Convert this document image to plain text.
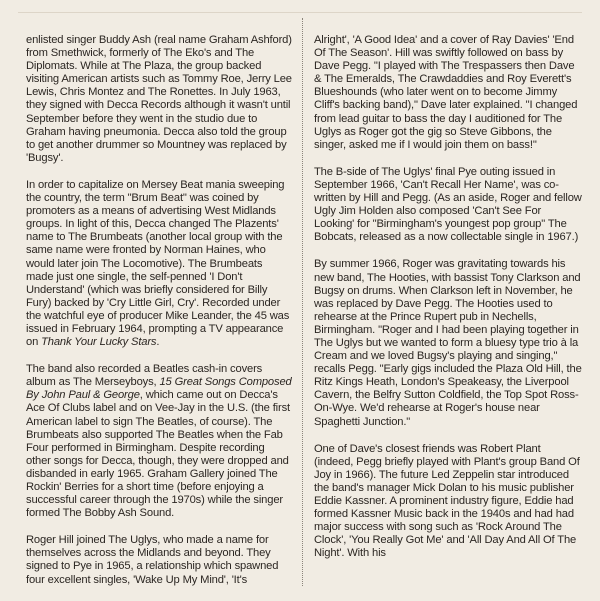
enlisted singer Buddy Ash (real name Graham Ashford) from Smethwick, formerly of The Eko's and The Diplomats. While at The Plaza, the group backed visiting American artists such as Tommy Roe, Jerry Lee Lewis, Chris Montez and The Ronettes. In July 1963, they signed with Decca Records although it wasn't until September before they went in the studio due to Graham having pneumonia. Decca also told the group to get another drummer so Mountney was replaced by 'Bugsy'.

In order to capitalize on Mersey Beat mania sweeping the country, the term "Brum Beat" was coined by promoters as a means of advertising West Midlands groups. In light of this, Decca changed The Plazents' name to The Brumbeats (another local group with the same name were fronted by Norman Haines, who would later join The Locomotive). The Brumbeats made just one single, the self-penned 'I Don't Understand' (which was briefly considered for Billy Fury) backed by 'Cry Little Girl, Cry'. Recorded under the watchful eye of producer Mike Leander, the 45 was issued in February 1964, prompting a TV appearance on Thank Your Lucky Stars.

The band also recorded a Beatles cash-in covers album as The Merseyboys, 15 Great Songs Composed By John Paul & George, which came out on Decca's Ace Of Clubs label and on Vee-Jay in the U.S. (the first American label to sign The Beatles, of course). The Brumbeats also supported The Beatles when the Fab Four performed in Birmingham. Despite recording other songs for Decca, though, they were dropped and disbanded in early 1965. Graham Gallery joined The Rockin' Berries for a short time (before enjoying a successful career through the 1970s) while the singer formed The Bobby Ash Sound.

Roger Hill joined The Uglys, who made a name for themselves across the Midlands and beyond. They signed to Pye in 1965, a relationship which spawned four excellent singles, 'Wake Up My Mind', 'It's

Alright', 'A Good Idea' and a cover of Ray Davies' 'End Of The Season'. Hill was swiftly followed on bass by Dave Pegg. "I played with The Trespassers then Dave & The Emeralds, The Crawdaddies and Roy Everett's Blueshounds (who later went on to become Jimmy Cliff's backing band)," Dave later explained. "I changed from lead guitar to bass the day I auditioned for The Uglys as Roger got the gig so Steve Gibbons, the singer, asked me if I would join them on bass!"

The B-side of The Uglys' final Pye outing issued in September 1966, 'Can't Recall Her Name', was co-written by Hill and Pegg. (As an aside, Roger and fellow Ugly Jim Holden also composed 'Can't See For Looking' for "Birmingham's youngest pop group" The Bobcats, released as a now collectable single in 1967.)

By summer 1966, Roger was gravitating towards his new band, The Hooties, with bassist Tony Clarkson and Bugsy on drums. When Clarkson left in November, he was replaced by Dave Pegg. The Hooties used to rehearse at the Prince Rupert pub in Nechells, Birmingham. "Roger and I had been playing together in The Uglys but we wanted to form a bluesy type trio à la Cream and we loved Bugsy's playing and singing," recalls Pegg. "Early gigs included the Plaza Old Hill, the Ritz Kings Heath, London's Speakeasy, the Liverpool Cavern, the Belfry Sutton Coldfield, the Top Spot Ross-On-Wye. We'd rehearse at Roger's house near Spaghetti Junction."

One of Dave's closest friends was Robert Plant (indeed, Pegg briefly played with Plant's group Band Of Joy in 1966). The future Led Zeppelin star introduced the band's manager Mick Dolan to his music publisher Eddie Kassner. A prominent industry figure, Eddie had formed Kassner Music back in the 1940s and had had major success with song such as 'Rock Around The Clock', 'You Really Got Me' and 'All Day And All Of The Night'. With his
